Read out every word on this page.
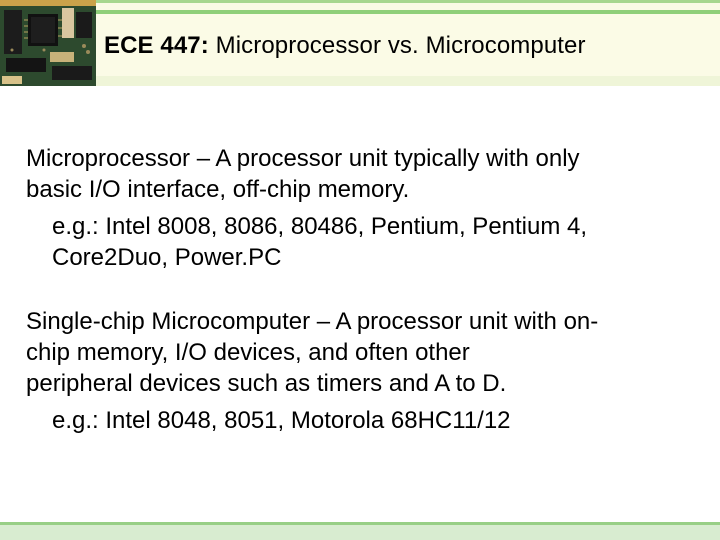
ECE 447: Microprocessor vs. Microcomputer

Microprocessor – A processor unit typically with only
basic I/O interface, off-chip memory.

e.g.: Intel 8008, 8086, 80486, Pentium, Pentium 4,
Core2Duo, Power.PC

Single-chip Microcomputer – A processor unit with on-
chip memory, I/O devices, and often other
peripheral devices such as timers and A to D.

e.g.: Intel 8048, 8051, Motorola 68HC11/12
